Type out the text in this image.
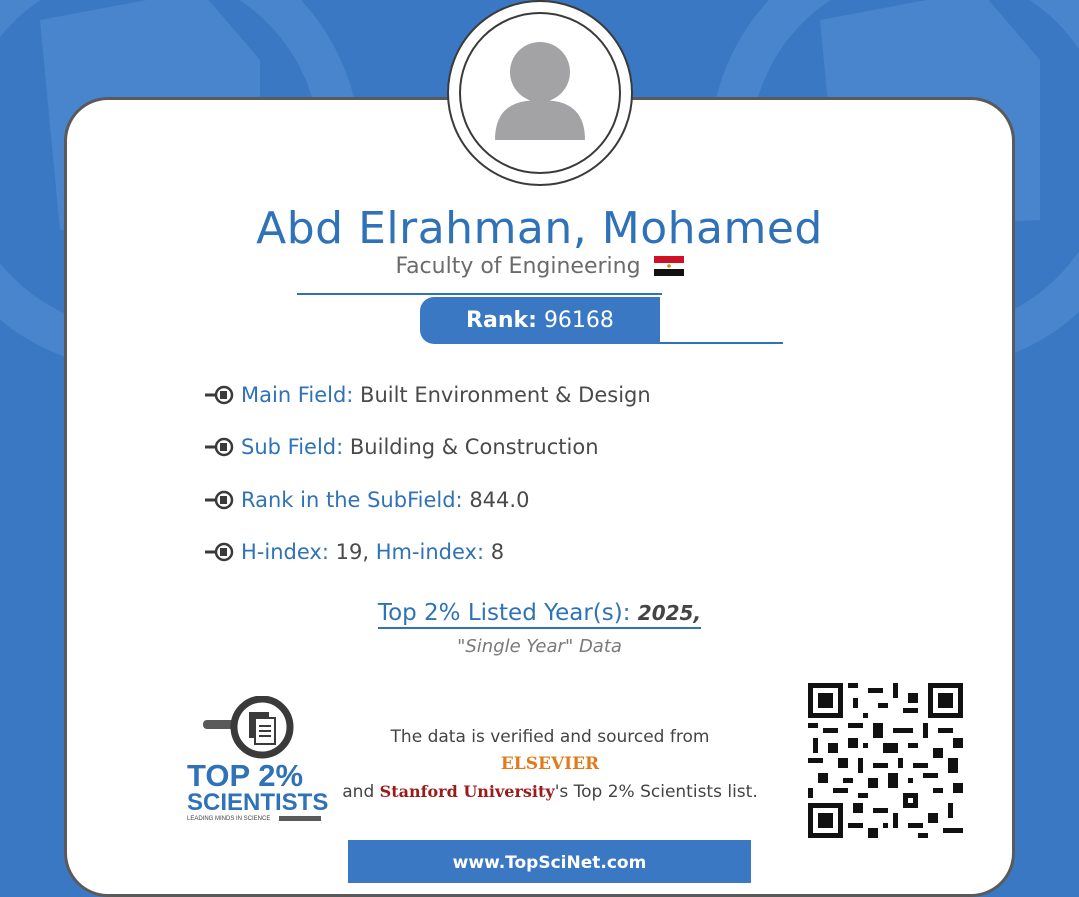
Abd Elrahman, Mohamed
Faculty of Engineering
Rank: 96168
Main Field: Built Environment & Design
Sub Field: Building & Construction
Rank in the SubField: 844.0
H-index: 19, Hm-index: 8
Top 2% Listed Year(s): 2025,
"Single Year" Data
TOP 2%
SCIENTISTS
LEADING MINDS IN SCIENCE
The data is verified and sourced from ELSEVIER
and Stanford University's Top 2% Scientists list.
www.TopSciNet.com
